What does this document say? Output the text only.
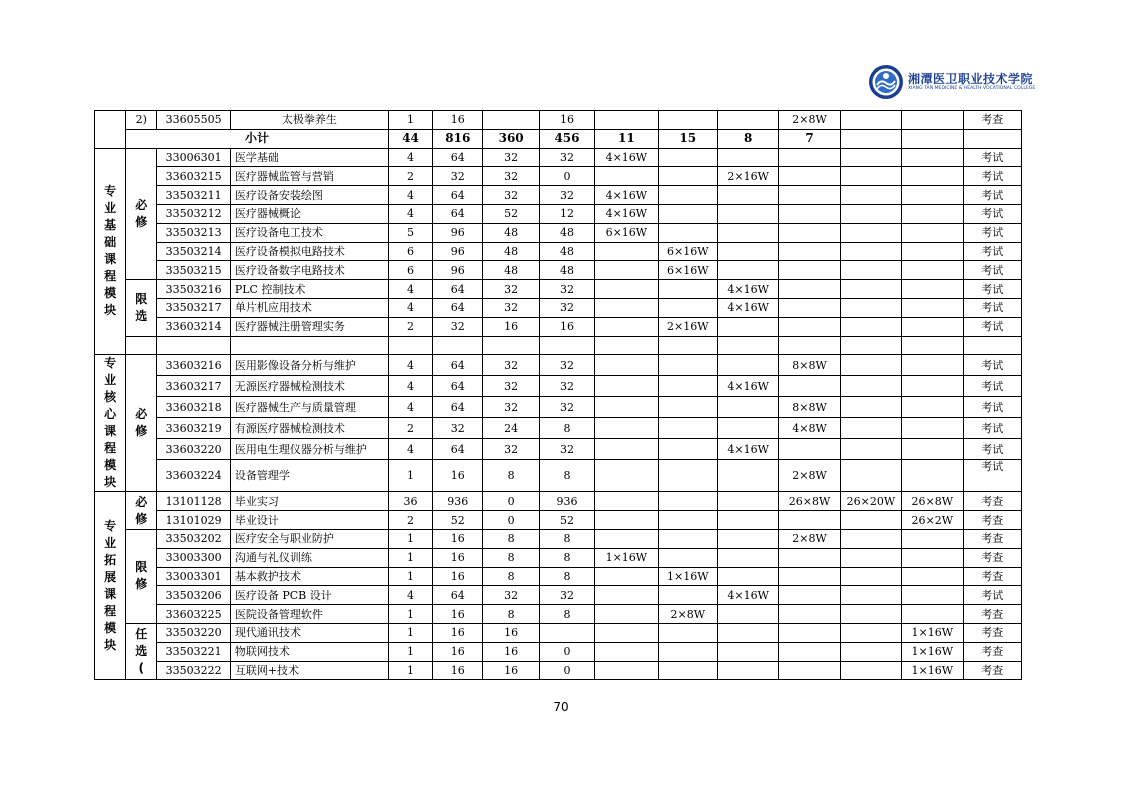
湘潭医卫职业技术学院
XIANG TAN MEDICINE & HEALTH VOCATIONAL COLLEGE
	2)	33605505	太极拳养生	1	16		16				2×8W			考查
	小计			44	816	360	456	11	15	8	7			

专业基础课程模块	必修	33006301	医学基础	4	64	32	32	4×16W						考试
		33603215	医疗器械监管与营销	2	32	32	0			2×16W				考试
		33503211	医疗设备安装绘图	4	64	32	32	4×16W						考试
		33503212	医疗器械概论	4	64	52	12	4×16W						考试
		33503213	医疗设备电工技术	5	96	48	48	6×16W						考试
		33503214	医疗设备模拟电路技术	6	96	48	48		6×16W					考试
		33503215	医疗设备数字电路技术	6	96	48	48		6×16W					考试

	限选	33503216	PLC 控制技术	4	64	32	32			4×16W				考试
		33503217	单片机应用技术	4	64	32	32			4×16W				考试
		33603214	医疗器械注册管理实务	2	32	16	16		2×16W					考试

专业核心课程模块	必修	33603216	医用影像设备分析与维护	4	64	32	32				8×8W			考试
		33603217	无源医疗器械检测技术	4	64	32	32			4×16W				考试
		33603218	医疗器械生产与质量管理	4	64	32	32				8×8W			考试
		33603219	有源医疗器械检测技术	2	32	24	8				4×8W			考试
		33603220	医用电生理仪器分析与维护	4	64	32	32			4×16W				考试
		33603224	设备管理学	1	16	8	8				2×8W			考试

专业拓展课程模块	必修	13101128	毕业实习	36	936	0	936				26×8W	26×20W	26×8W	考查
		13101029	毕业设计	2	52	0	52						26×2W	考查

	限修	33503202	医疗安全与职业防护	1	16	8	8				2×8W			考查
		33003300	沟通与礼仪训练	1	16	8	8	1×16W						考查
		33003301	基本救护技术	1	16	8	8		1×16W					考查
		33503206	医疗设备 PCB 设计	4	64	32	32			4×16W				考试
		33603225	医院设备管理软件	1	16	8	8		2×8W					考查

	任选(	33503220	现代通讯技术	1	16	16							1×16W	考查
		33503221	物联网技术	1	16	16	0						1×16W	考查
		33503222	互联网+技术	1	16	16	0						1×16W	考查
70
